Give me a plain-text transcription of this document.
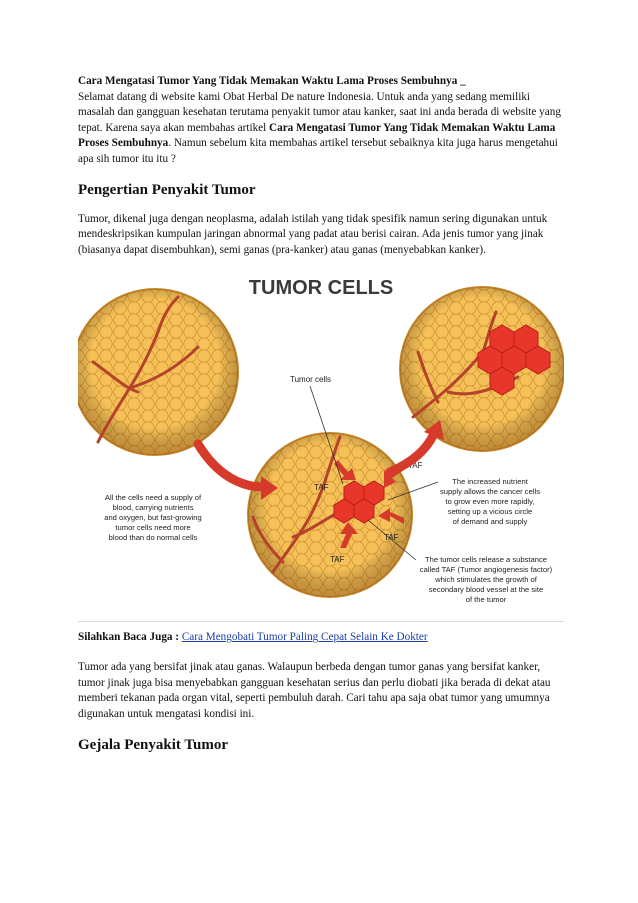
Cara Mengatasi Tumor Yang Tidak Memakan Waktu Lama Proses Sembuhnya _
Selamat datang di website kami Obat Herbal De nature Indonesia. Untuk anda yang sedang memiliki masalah dan gangguan kesehatan terutama penyakit tumor atau kanker, saat ini anda berada di website yang tepat. Karena saya akan membahas artikel Cara Mengatasi Tumor Yang Tidak Memakan Waktu Lama Proses Sembuhnya. Namun sebelum kita membahas artikel tersebut sebaiknya kita juga harus mengetahui apa sih tumor itu itu ?

Pengertian Penyakit Tumor

Tumor, dikenal juga dengan neoplasma, adalah istilah yang tidak spesifik namun sering digunakan untuk mendeskripsikan kumpulan jaringan abnormal yang padat atau berisi cairan. Ada jenis tumor yang jinak (biasanya dapat disembuhkan), semi ganas (pra-kanker) atau ganas (menyebabkan kanker).

TUMOR CELLS
TAF
TAF
TAF
TAF
Tumor cells
All the cells need a supply of
blood, carrying nutrients
and oxygen, but fast-growing
tumor cells need more
blood than do normal cells
The increased nutrient
supply allows the cancer cells
to grow even more rapidly,
setting up a vicious circle
of demand and supply
The tumor cells release a substance
called TAF (Tumor angiogenesis factor)
which stimulates the growth of
secondary blood vessel at the site
of the tumor

Silahkan Baca Juga : Cara Mengobati Tumor Paling Cepat Selain Ke Dokter

Tumor ada yang bersifat jinak atau ganas. Walaupun berbeda dengan tumor ganas yang bersifat kanker, tumor jinak juga bisa menyebabkan gangguan kesehatan serius dan perlu diobati jika berada di dekat atau memberi tekanan pada organ vital, seperti pembuluh darah. Cari tahu apa saja obat tumor yang umumnya digunakan untuk mengatasi kondisi ini.

Gejala Penyakit Tumor
